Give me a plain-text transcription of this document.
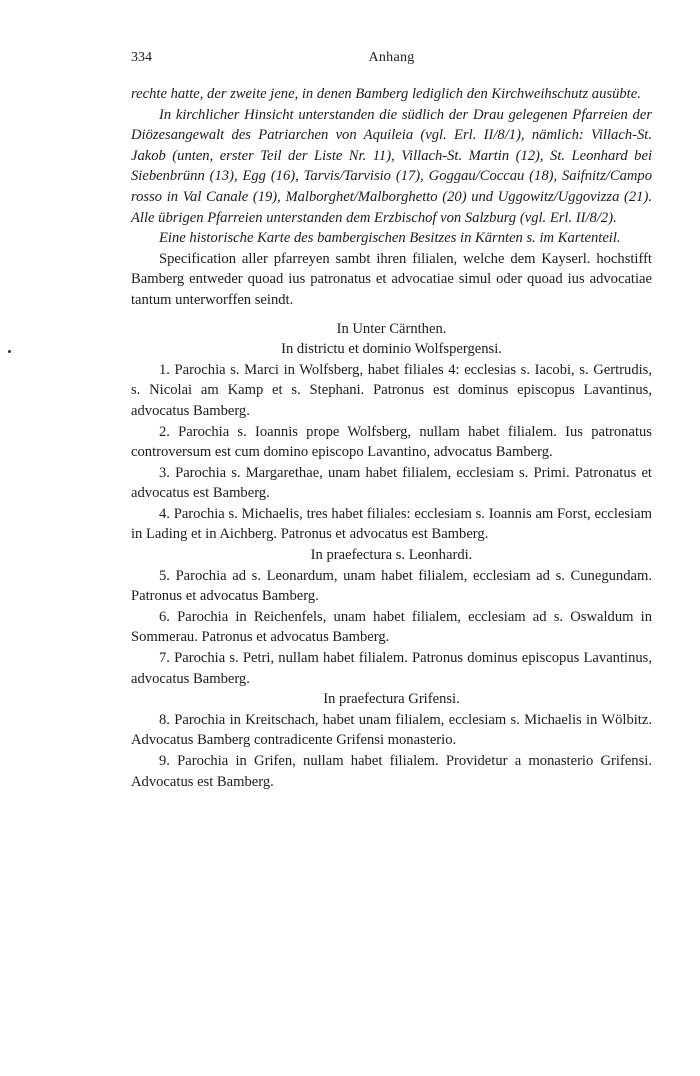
334	Anhang

rechte hatte, der zweite jene, in denen Bamberg lediglich den Kirchweihschutz ausübte.

In kirchlicher Hinsicht unterstanden die südlich der Drau gelegenen Pfarreien der Diözesangewalt des Patriarchen von Aquileia (vgl. Erl. II/8/1), nämlich: Villach-St. Jakob (unten, erster Teil der Liste Nr. 11), Villach-St. Martin (12), St. Leonhard bei Siebenbrünn (13), Egg (16), Tarvis/Tarvisio (17), Goggau/Coccau (18), Saifnitz/Campo rosso in Val Canale (19), Malborghet/Malborghetto (20) und Uggowitz/Uggovizza (21). Alle übrigen Pfarreien unterstanden dem Erzbischof von Salzburg (vgl. Erl. II/8/2).

Eine historische Karte des bambergischen Besitzes in Kärnten s. im Kartenteil.

Specification aller pfarreyen sambt ihren filialen, welche dem Kayserl. hochstifft Bamberg entweder quoad ius patronatus et advocatiae simul oder quoad ius advocatiae tantum unterworffen seindt.

In Unter Cärnthen.

In districtu et dominio Wolfspergensi.

1. Parochia s. Marci in Wolfsberg, habet filiales 4: ecclesias s. Iacobi, s. Gertrudis, s. Nicolai am Kamp et s. Stephani. Patronus est dominus episcopus Lavantinus, advocatus Bamberg.

2. Parochia s. Ioannis prope Wolfsberg, nullam habet filialem. Ius patronatus controversum est cum domino episcopo Lavantino, advocatus Bamberg.

3. Parochia s. Margarethae, unam habet filialem, ecclesiam s. Primi. Patronatus et advocatus est Bamberg.

4. Parochia s. Michaelis, tres habet filiales: ecclesiam s. Ioannis am Forst, ecclesiam in Lading et in Aichberg. Patronus et advocatus est Bamberg.

In praefectura s. Leonhardi.

5. Parochia ad s. Leonardum, unam habet filialem, ecclesiam ad s. Cunegundam. Patronus et advocatus Bamberg.

6. Parochia in Reichenfels, unam habet filialem, ecclesiam ad s. Oswaldum in Sommerau. Patronus et advocatus Bamberg.

7. Parochia s. Petri, nullam habet filialem. Patronus dominus episcopus Lavantinus, advocatus Bamberg.

In praefectura Grifensi.

8. Parochia in Kreitschach, habet unam filialem, ecclesiam s. Michaelis in Wölbitz. Advocatus Bamberg contradicente Grifensi monasterio.

9. Parochia in Grifen, nullam habet filialem. Providetur a monasterio Grifensi. Advocatus est Bamberg.
